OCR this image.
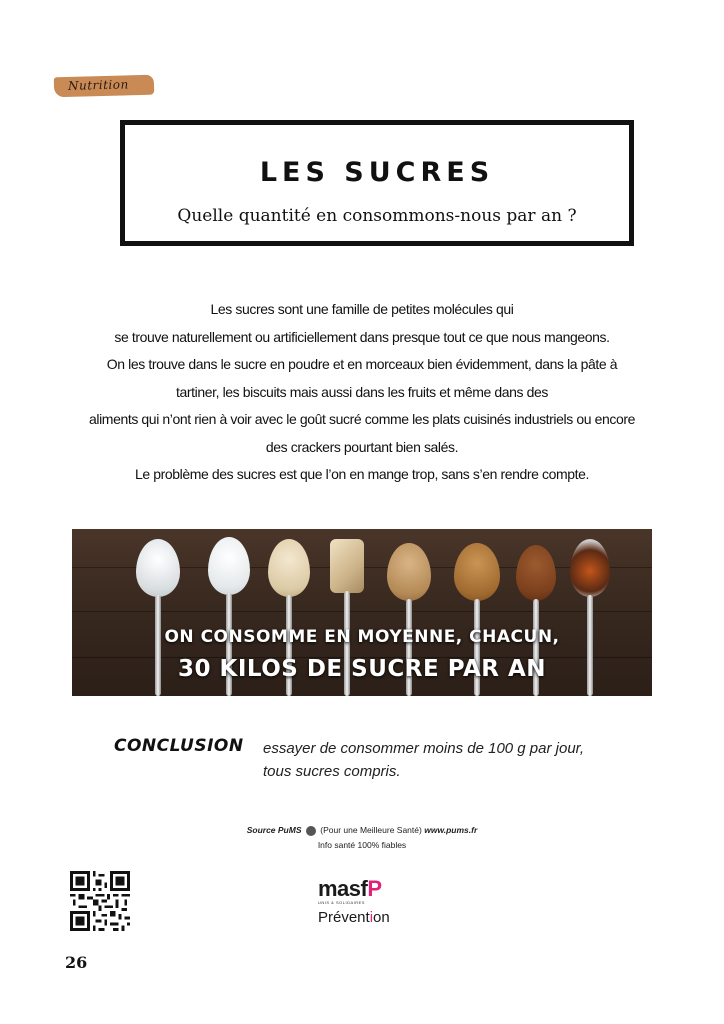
Nutrition
LES SUCRES
Quelle quantité en consommons-nous par an ?
Les sucres sont une famille de petites molécules qui
se trouve naturellement ou artificiellement dans presque tout ce que nous mangeons.
On les trouve dans le sucre en poudre et en morceaux bien évidemment, dans la pâte à
tartiner, les biscuits mais aussi dans les fruits et même dans des
aliments qui n’ont rien à voir avec le goût sucré comme les plats cuisinés industriels ou encore
des crackers pourtant bien salés.
Le problème des sucres est que l’on en mange trop, sans s’en rendre compte.
ON CONSOMME EN MOYENNE, CHACUN,
30 KILOS DE SUCRE PAR AN
CONCLUSION essayer de consommer moins de 100 g par jour,
tous sucres compris.
Source PuMS (Pour une Meilleure Santé) www.pums.fr
Info santé 100% fiables
masfP
UNIS & SOLIDAIRES
Prévention
26
